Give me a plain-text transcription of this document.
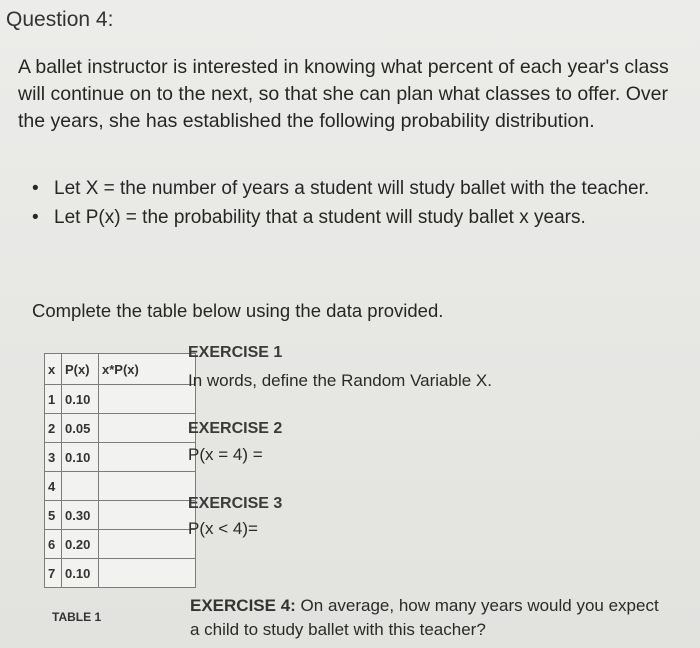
Question 4:
A ballet instructor is interested in knowing what percent of each year's class will continue on to the next, so that she can plan what classes to offer. Over the years, she has established the following probability distribution.
• Let X = the number of years a student will study ballet with the teacher.
• Let P(x) = the probability that a student will study ballet x years.
Complete the table below using the data provided.
x	P(x)	x*P(x)
1	0.10	
2	0.05	
3	0.10	
4		
5	0.30	
6	0.20	
7	0.10	
TABLE 1
EXERCISE 1
In words, define the Random Variable X.
EXERCISE 2
P(x = 4) =
EXERCISE 3
P(x < 4)=
EXERCISE 4: On average, how many years would you expect a child to study ballet with this teacher?
